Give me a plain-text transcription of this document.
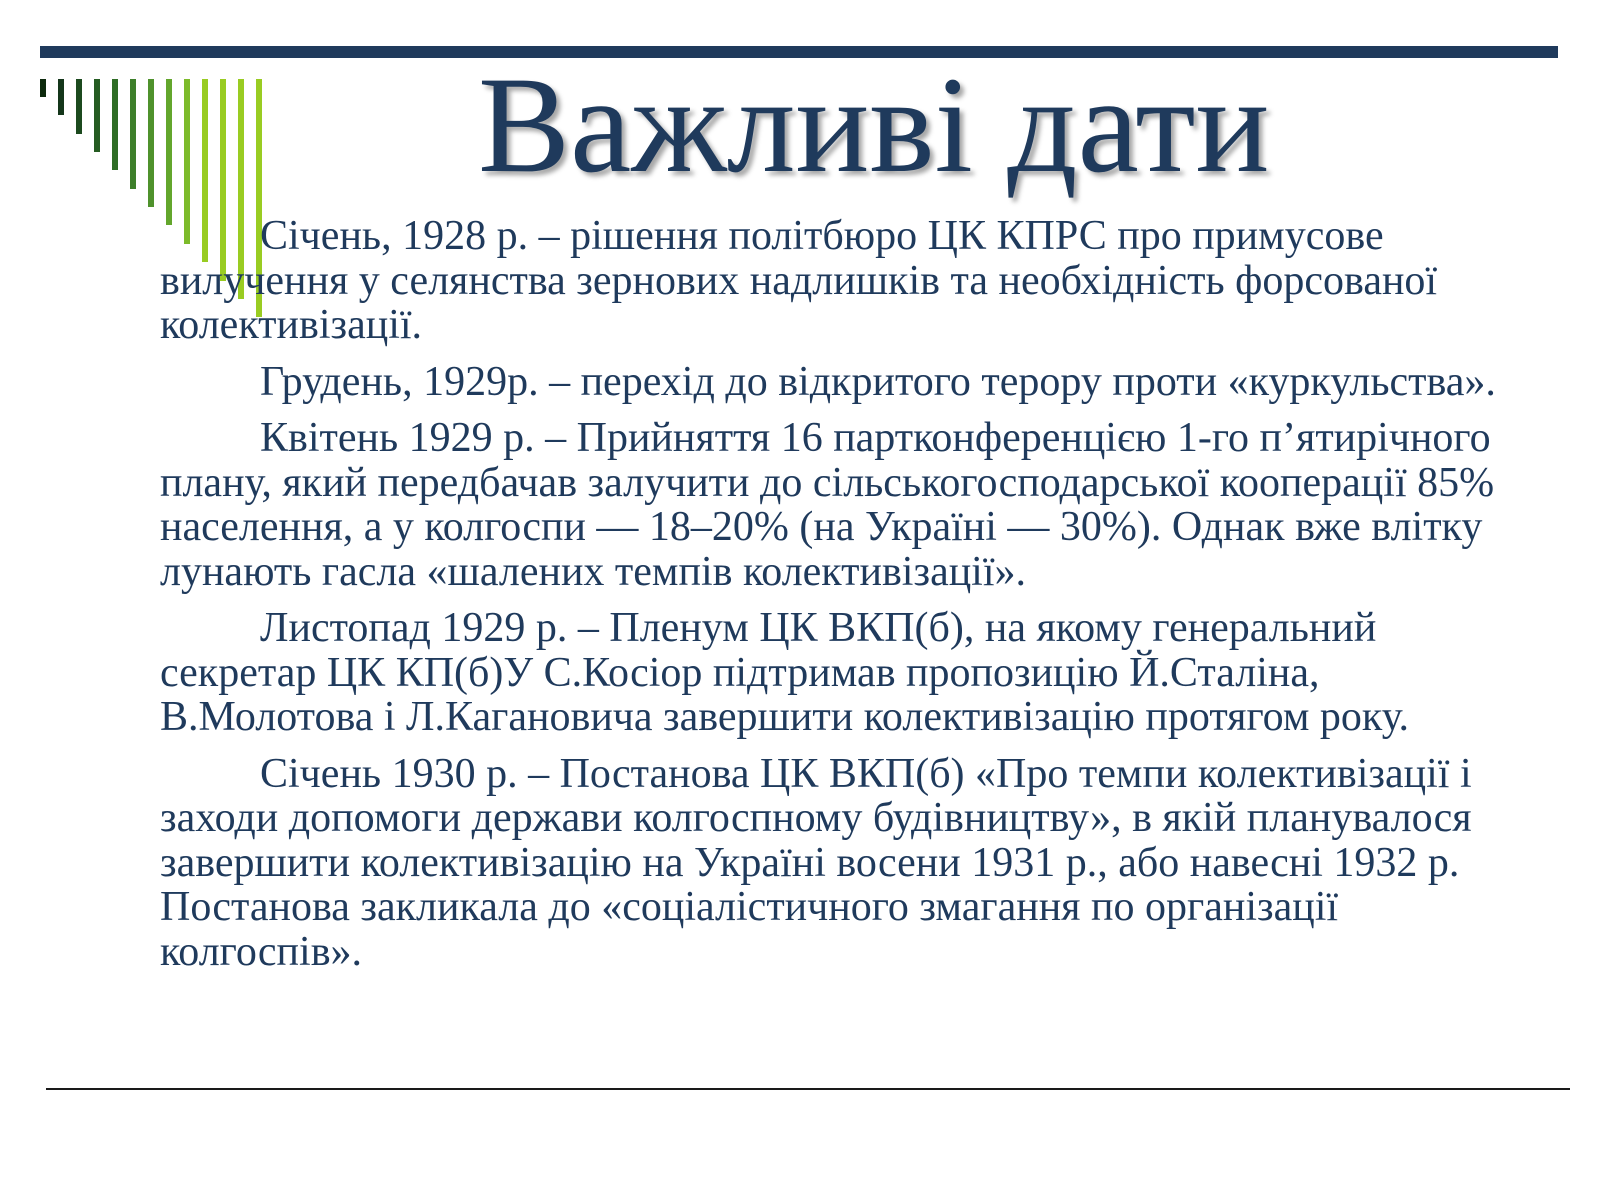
Важливі дати

Січень, 1928 р. – рішення політбюро ЦК КПРС про примусове вилучення у селянства зернових надлишків та необхідність форсованої колективізації.

Грудень, 1929р. – перехід до відкритого терору проти «куркульства».

Квітень 1929 р. – Прийняття 16 партконференцією 1-го п’ятирічного плану, який передбачав залучити до сільськогосподарської кооперації 85% населення, а у колгоспи — 18–20% (на Україні — 30%). Однак вже влітку лунають гасла «шалених темпів колективізації».

Листопад 1929 р. – Пленум ЦК ВКП(б), на якому генеральний секретар ЦК КП(б)У С.Косіор підтримав пропозицію Й.Сталіна, В.Молотова і Л.Кагановича завершити колективізацію протягом року.

Січень 1930 р. – Постанова ЦК ВКП(б) «Про темпи колективізації і заходи допомоги держави колгоспному будівництву», в якій планувалося завершити колективізацію на Україні восени 1931 р., або навесні 1932 р. Постанова закликала до «соціалістичного змагання по організації колгоспів».
